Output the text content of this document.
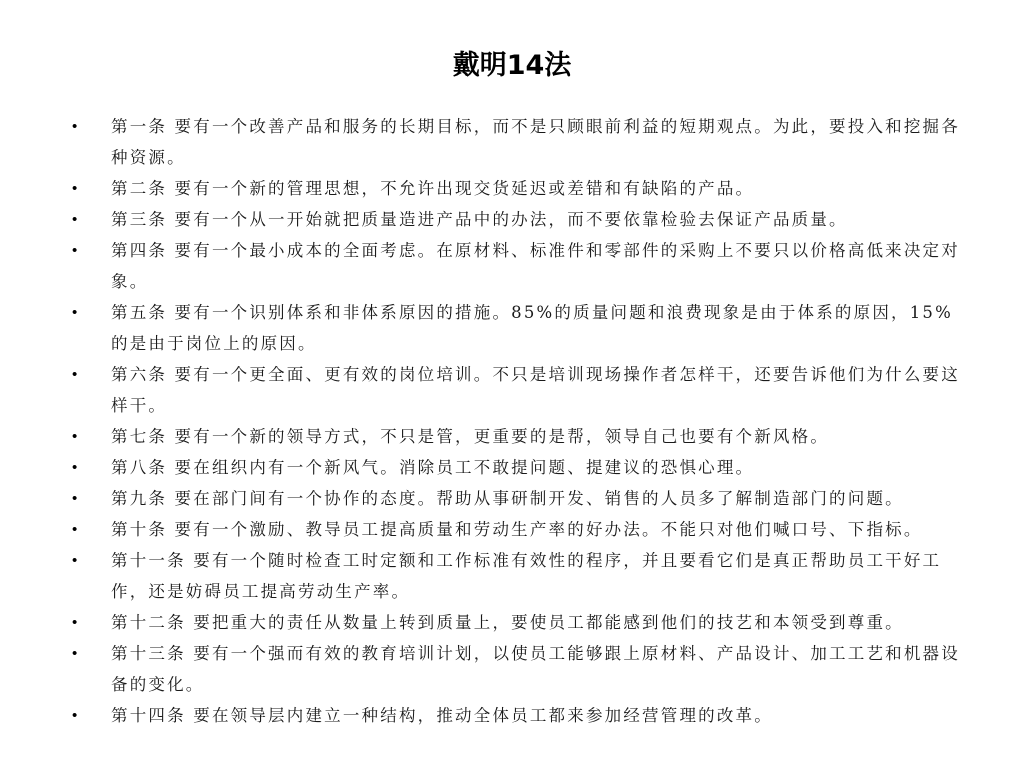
戴明14法
• 第一条 要有一个改善产品和服务的长期目标，而不是只顾眼前利益的短期观点。为此，要投入和挖掘各种资源。
• 第二条 要有一个新的管理思想，不允许出现交货延迟或差错和有缺陷的产品。
• 第三条 要有一个从一开始就把质量造进产品中的办法，而不要依靠检验去保证产品质量。
• 第四条 要有一个最小成本的全面考虑。在原材料、标准件和零部件的采购上不要只以价格高低来决定对象。
• 第五条 要有一个识别体系和非体系原因的措施。85%的质量问题和浪费现象是由于体系的原因，15%的是由于岗位上的原因。
• 第六条 要有一个更全面、更有效的岗位培训。不只是培训现场操作者怎样干，还要告诉他们为什么要这样干。
• 第七条 要有一个新的领导方式，不只是管，更重要的是帮，领导自己也要有个新风格。
• 第八条 要在组织内有一个新风气。消除员工不敢提问题、提建议的恐惧心理。
• 第九条 要在部门间有一个协作的态度。帮助从事研制开发、销售的人员多了解制造部门的问题。
• 第十条 要有一个激励、教导员工提高质量和劳动生产率的好办法。不能只对他们喊口号、下指标。
• 第十一条 要有一个随时检查工时定额和工作标准有效性的程序，并且要看它们是真正帮助员工干好工作，还是妨碍员工提高劳动生产率。
• 第十二条 要把重大的责任从数量上转到质量上，要使员工都能感到他们的技艺和本领受到尊重。
• 第十三条 要有一个强而有效的教育培训计划，以使员工能够跟上原材料、产品设计、加工工艺和机器设备的变化。
• 第十四条 要在领导层内建立一种结构，推动全体员工都来参加经营管理的改革。
